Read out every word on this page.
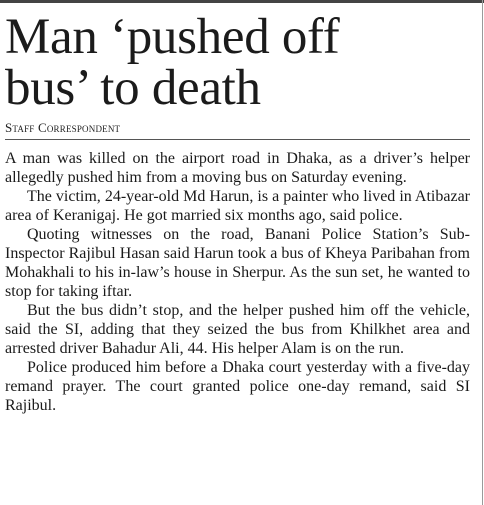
Man ‘pushed off
bus’ to death
Staff Correspondent

A man was killed on the airport road in Dhaka, as a driver’s helper allegedly pushed him from a moving bus on Saturday evening.

The victim, 24-year-old Md Harun, is a painter who lived in Atibazar area of Keranigaj. He got married six months ago, said police.

Quoting witnesses on the road, Banani Police Station’s Sub-Inspector Rajibul Hasan said Harun took a bus of Kheya Paribahan from Mohakhali to his in-law’s house in Sherpur. As the sun set, he wanted to stop for taking iftar.

But the bus didn’t stop, and the helper pushed him off the vehicle, said the SI, adding that they seized the bus from Khilkhet area and arrested driver Bahadur Ali, 44. His helper Alam is on the run.

Police produced him before a Dhaka court yesterday with a five-day remand prayer. The court granted police one-day remand, said SI Rajibul.
